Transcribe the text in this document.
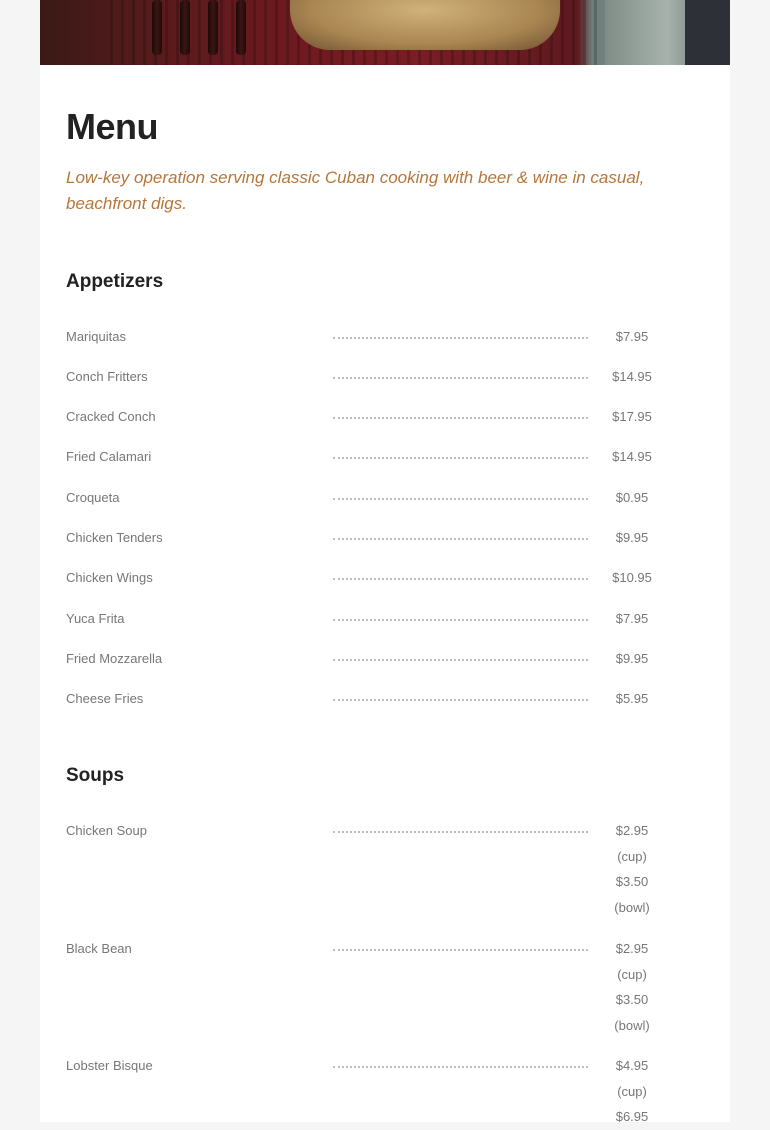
Menu

Low-key operation serving classic Cuban cooking with beer & wine in casual, beachfront digs.

Appetizers
Mariquitas	$7.95
Conch Fritters	$14.95
Cracked Conch	$17.95
Fried Calamari	$14.95
Croqueta	$0.95
Chicken Tenders	$9.95
Chicken Wings	$10.95
Yuca Frita	$7.95
Fried Mozzarella	$9.95
Cheese Fries	$5.95
Soups
Chicken Soup	$2.95
(cup)
$3.50
(bowl)
Black Bean	$2.95
(cup)
$3.50
(bowl)
Lobster Bisque	$4.95
(cup)
$6.95
